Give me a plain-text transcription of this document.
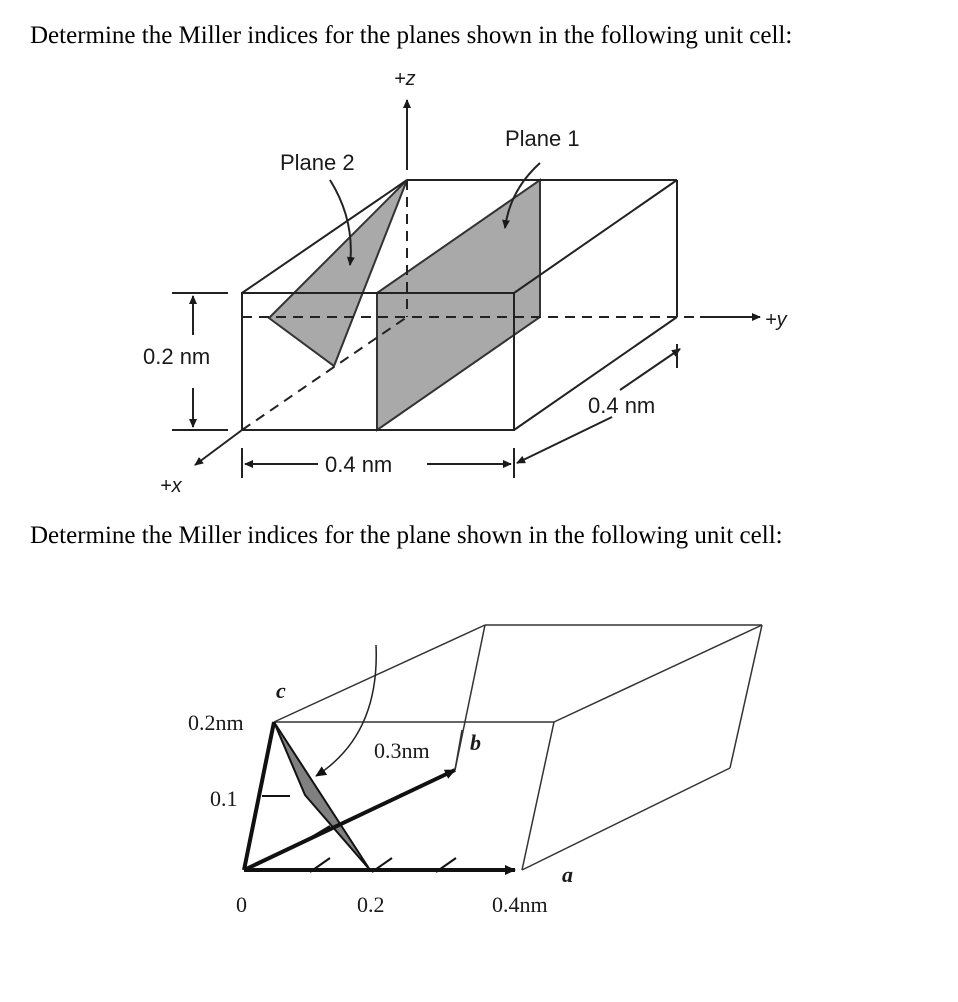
Determine the Miller indices for the planes shown in the following unit cell:

Determine the Miller indices for the plane shown in the following unit cell:

+z
+y
+x
Plane 2
Plane 1
0.2 nm
0.4 nm
0.4 nm
c
0.2nm
0.3nm b
0.1
a
0	0.2	0.4nm
